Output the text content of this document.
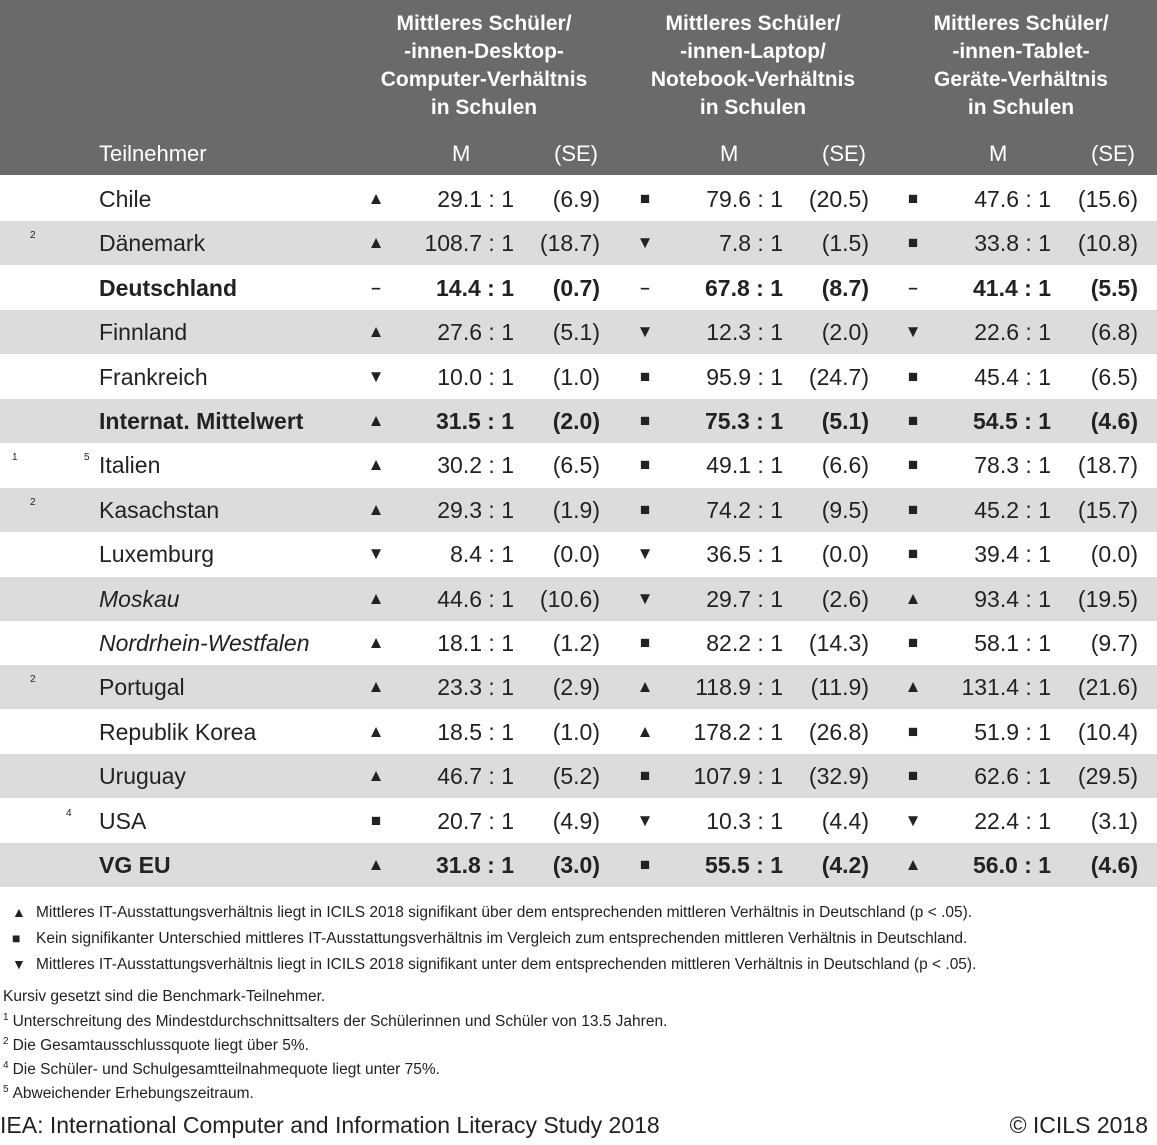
Mittleres Schüler/
-innen-Desktop-
Computer-Verhältnis
in Schulen
Mittleres Schüler/
-innen-Laptop/
Notebook-Verhältnis
in Schulen
Mittleres Schüler/
-innen-Tablet-
Geräte-Verhältnis
in Schulen
Teilnehmer	M	(SE)	M	(SE)	M	(SE)
Chile	▲	29.1 : 1	(6.9)	■	79.6 : 1	(20.5)	■	47.6 : 1	(15.6)
2	Dänemark	▲	108.7 : 1	(18.7) ▼	7.8 : 1	(1.5)	■	33.8 : 1	(10.8)
Deutschland	–	14.4 : 1	(0.7)	–	67.8 : 1	(8.7)	–	41.4 : 1	(5.5)
Finnland	▲	27.6 : 1	(5.1) ▼	12.3 : 1	(2.0) ▼	22.6 : 1	(6.8)
Frankreich	▼	10.0 : 1	(1.0)	■	95.9 : 1	(24.7)	■	45.4 : 1	(6.5)
Internat. Mittelwert	▲	31.5 : 1	(2.0)	■	75.3 : 1	(5.1)	■	54.5 : 1	(4.6)
1	5 Italien	▲	30.2 : 1	(6.5)	■	49.1 : 1	(6.6)	■	78.3 : 1	(18.7)
2	Kasachstan	▲	29.3 : 1	(1.9)	■	74.2 : 1	(9.5)	■	45.2 : 1	(15.7)
Luxemburg	▼	8.4 : 1	(0.0) ▼	36.5 : 1	(0.0)	■	39.4 : 1	(0.0)
Moskau	▲	44.6 : 1	(10.6) ▼	29.7 : 1	(2.6) ▲	93.4 : 1	(19.5)
Nordrhein-Westfalen	▲	18.1 : 1	(1.2)	■	82.2 : 1	(14.3)	■	58.1 : 1	(9.7)
2	Portugal	▲	23.3 : 1	(2.9) ▲	118.9 : 1	(11.9) ▲	131.4 : 1	(21.6)
Republik Korea	▲	18.5 : 1	(1.0) ▲	178.2 : 1	(26.8)	■	51.9 : 1	(10.4)
Uruguay	▲	46.7 : 1	(5.2)	■	107.9 : 1	(32.9)	■	62.6 : 1	(29.5)
4 USA	■	20.7 : 1	(4.9) ▼	10.3 : 1	(4.4) ▼	22.4 : 1	(3.1)
VG EU	▲	31.8 : 1	(3.0)	■	55.5 : 1	(4.2) ▲	56.0 : 1	(4.6)
▲ Mittleres IT-Ausstattungsverhältnis liegt in ICILS 2018 signifikant über dem entsprechenden mittleren Verhältnis in Deutschland (p < .05).
■ Kein signifikanter Unterschied mittleres IT-Ausstattungsverhältnis im Vergleich zum entsprechenden mittleren Verhältnis in Deutschland.
▼ Mittleres IT-Ausstattungsverhältnis liegt in ICILS 2018 signifikant unter dem entsprechenden mittleren Verhältnis in Deutschland (p < .05).
Kursiv gesetzt sind die Benchmark-Teilnehmer.
$^1$ Unterschreitung des Mindestdurchschnittsalters der Schülerinnen und Schüler von 13.5 Jahren.
$^2$ Die Gesamtausschlussquote liegt über 5%.
$^4$ Die Schüler- und Schulgesamtteilnahmequote liegt unter 75%.
$^5$ Abweichender Erhebungszeitraum.
IEA: International Computer and Information Literacy Study 2018	© ICILS 2018
